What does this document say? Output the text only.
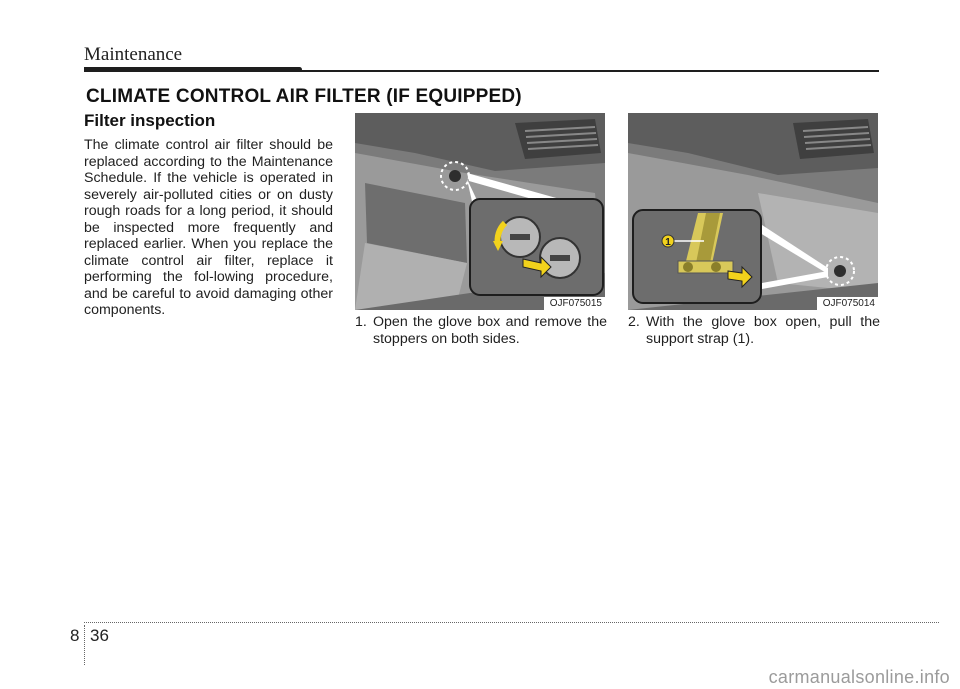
Maintenance
CLIMATE CONTROL AIR FILTER (IF EQUIPPED)
Filter inspection
The climate control air filter should be replaced according to the Maintenance Schedule. If the vehicle is operated in severely air-polluted cities or on dusty rough roads for a long period, it should be inspected more frequently and replaced earlier. When you replace the climate control air filter, replace it performing the fol-lowing procedure, and be careful to avoid damaging other components.	OJF075015
1
OJF075014
1. Open the glove box and remove the stoppers on both sides.
2. With the glove box open, pull the support strap (1).
8 36
carmanualsonline.info
